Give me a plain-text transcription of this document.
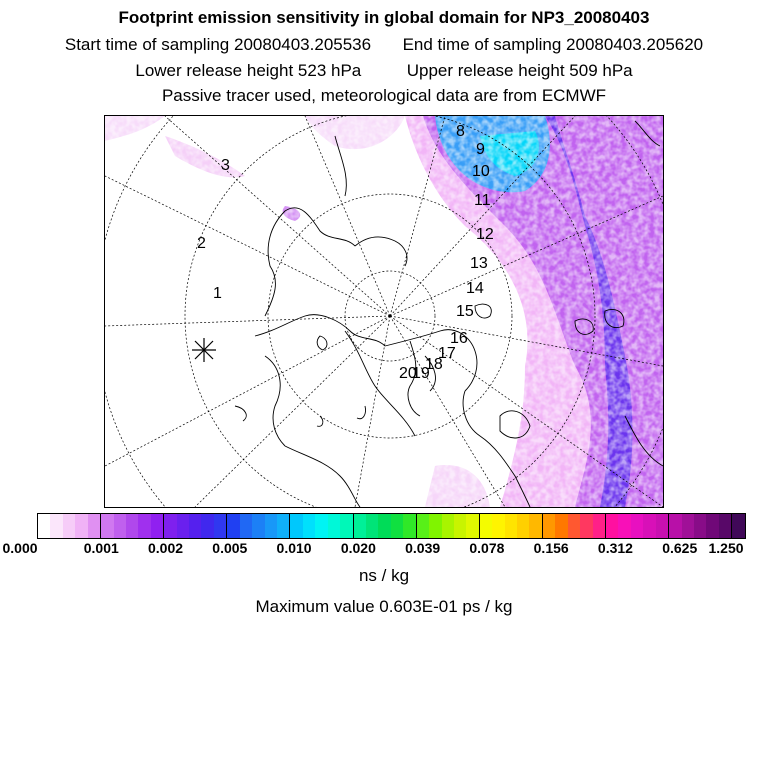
Footprint emission sensitivity in global domain for NP3_20080403
Start time of sampling 20080403.205536 End time of sampling 20080403.205620
Lower release height 523 hPa	Upper release height 509 hPa
Passive tracer used, meteorological data are from ECMWF
1
2
3
8
9
10
11
12
13
14
15
16
17
18
19
20
0.000	0.001 0.002 0.005 0.010 0.020 0.039 0.078 0.156 0.312 0.625 1.250
ns / kg
Maximum value 0.603E-01 ps / kg
